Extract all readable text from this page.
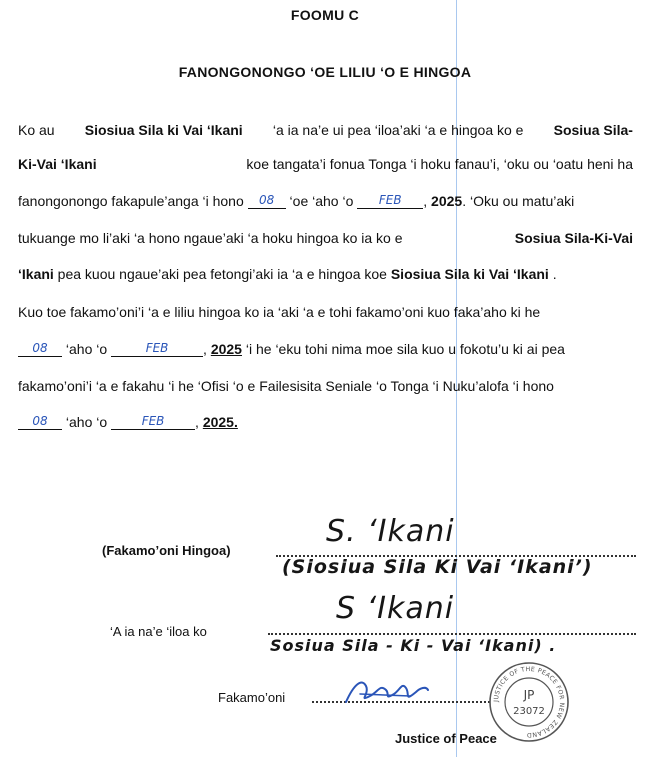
FOOMU C
FANONGONONGO ‘OE LILIU ‘O E HINGOA
Ko au Siosiua Sila ki Vai ‘Ikani ‘a ia na’e ui pea ‘iloa’aki ‘a e hingoa ko e Sosiua Sila-
Ki-Vai ‘Ikani	koe tangata’i fonua Tonga ‘i hoku fanau’i, ‘oku ou ‘oatu heni ha
fanongonongo fakapule’anga ‘i hono 08 ‘oe ‘aho ‘o FEB , 2025. ‘Oku ou matu’aki
tukuange mo li’aki ‘a hono ngaue’aki ‘a hoku hingoa ko ia ko e	Sosiua Sila-Ki-Vai
‘Ikani pea kuou ngaue’aki pea fetongi’aki ia ‘a e hingoa koe Siosiua Sila ki Vai ‘Ikani .
Kuo toe fakamo’oni’i ‘a e liliu hingoa ko ia ‘aki ‘a e tohi fakamo’oni kuo faka’aho ki he
08 ‘aho ‘o	FEB , 2025 ‘i he ‘eku tohi nima moe sila kuo u fokotu’u ki ai pea
fakamo’oni’i ‘a e fakahu ‘i he ‘Ofisi ‘o e Failesisita Seniale ‘o Tonga ‘i Nuku’alofa ‘i hono
08 ‘aho ‘o	FEB , 2025.
(Fakamo’oni Hingoa)
S. ‘Ikani
(Siosiua Sila Ki Vai ‘Ikani’)
‘A ia na’e ‘iloa ko
S ‘Ikani
Sosiua Sila - Ki - Vai ‘Ikani) .
Fakamo’oni	JUSTICE OF THE PEACE FOR NEW ZEALAND
JP
23072
Justice of Peace
